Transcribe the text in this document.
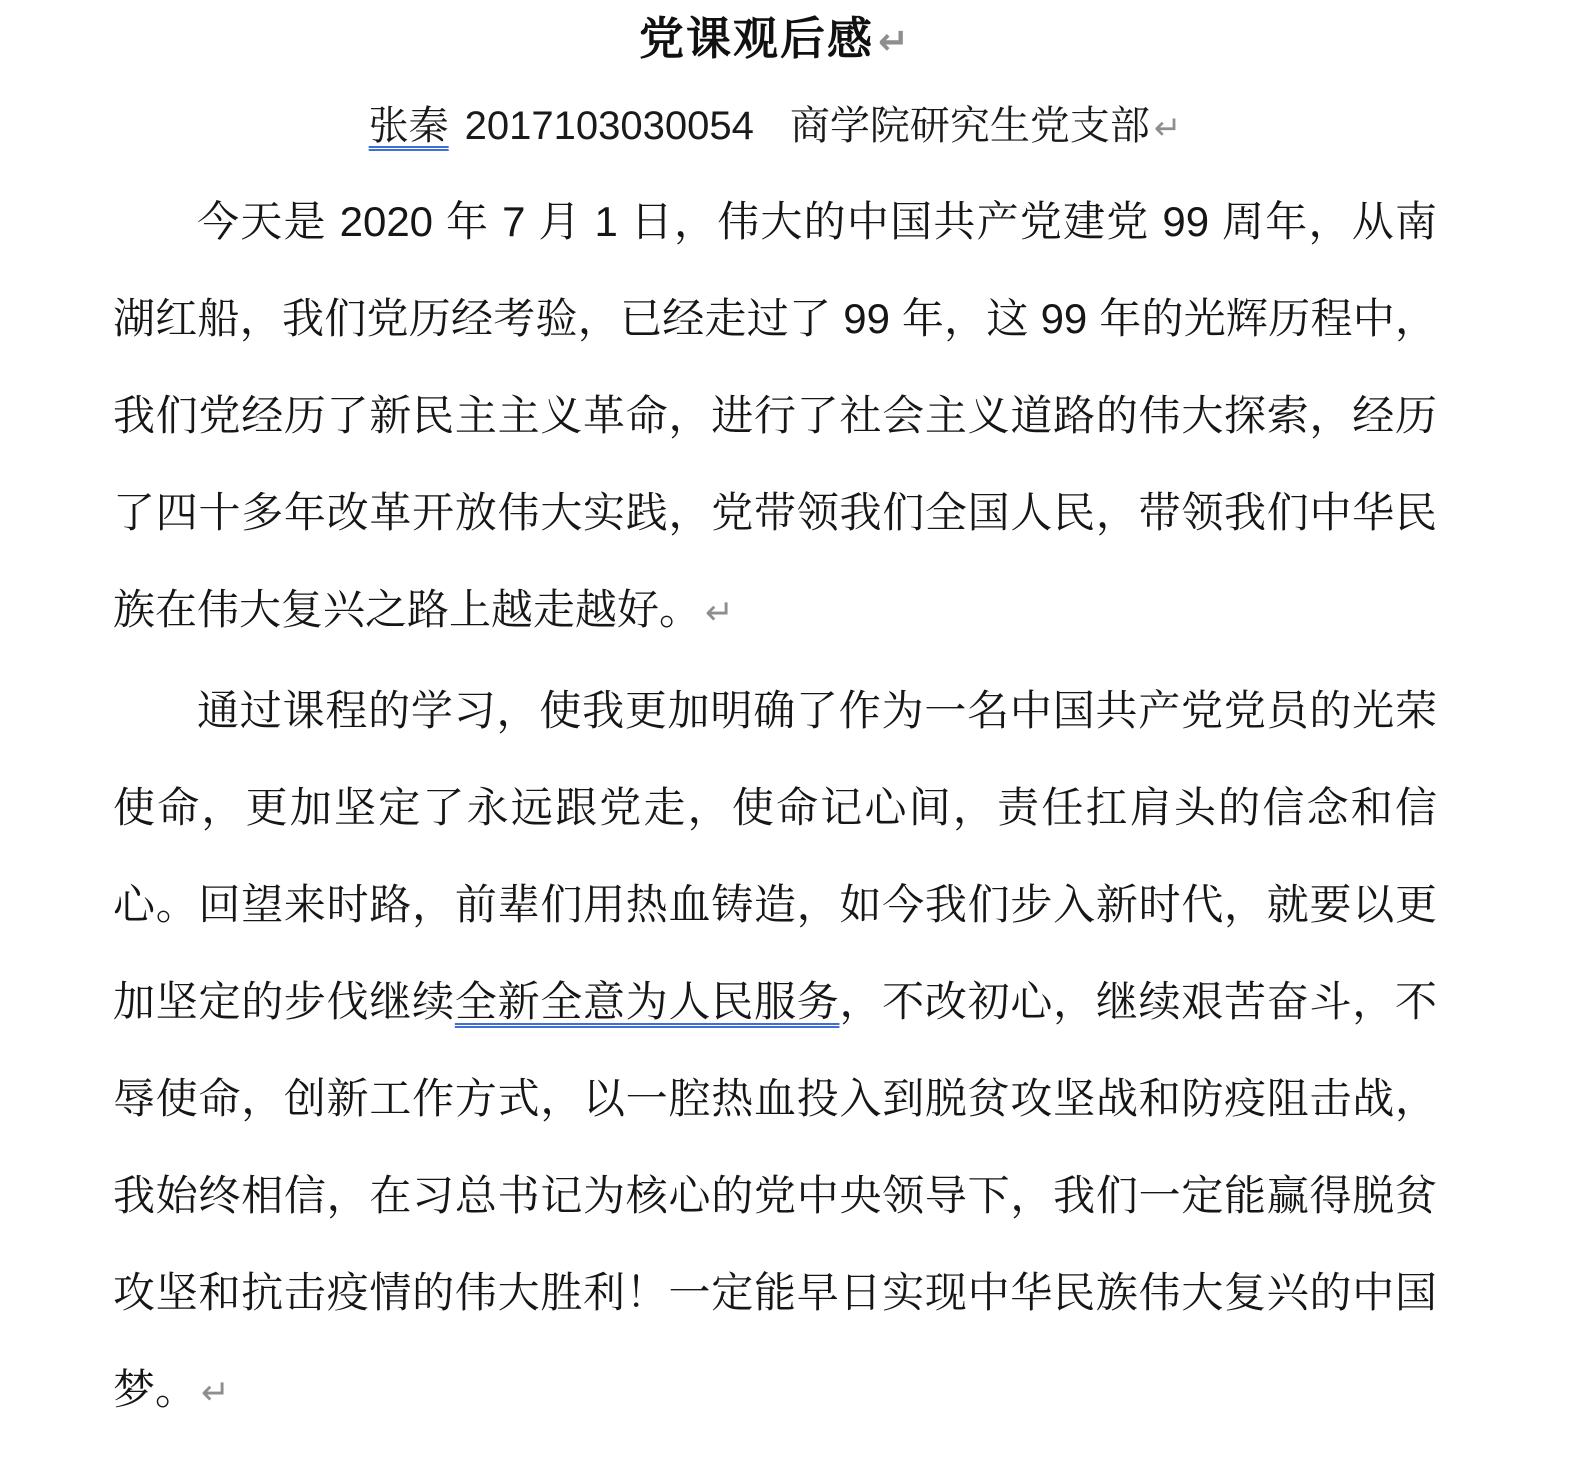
党课观后感 ↵

张秦 2017103030054 商学院研究生党支部 ↵

今天是 2020 年 7 月 1 日，伟大的中国共产党建党 99 周年，从南湖红船，我们党历经考验，已经走过了 99 年，这 99 年的光辉历程中，我们党经历了新民主主义革命，进行了社会主义道路的伟大探索，经历了四十多年改革开放伟大实践，党带领我们全国人民，带领我们中华民族在伟大复兴之路上越走越好。 ↵

通过课程的学习，使我更加明确了作为一名中国共产党党员的光荣使命，更加坚定了永远跟党走，使命记心间，责任扛肩头的信念和信心。回望来时路，前辈们用热血铸造，如今我们步入新时代，就要以更加坚定的步伐继续全新全意为人民服务，不改初心，继续艰苦奋斗，不辱使命，创新工作方式，以一腔热血投入到脱贫攻坚战和防疫阻击战，我始终相信，在习总书记为核心的党中央领导下，我们一定能赢得脱贫攻坚和抗击疫情的伟大胜利！一定能早日实现中华民族伟大复兴的中国梦。 ↵
